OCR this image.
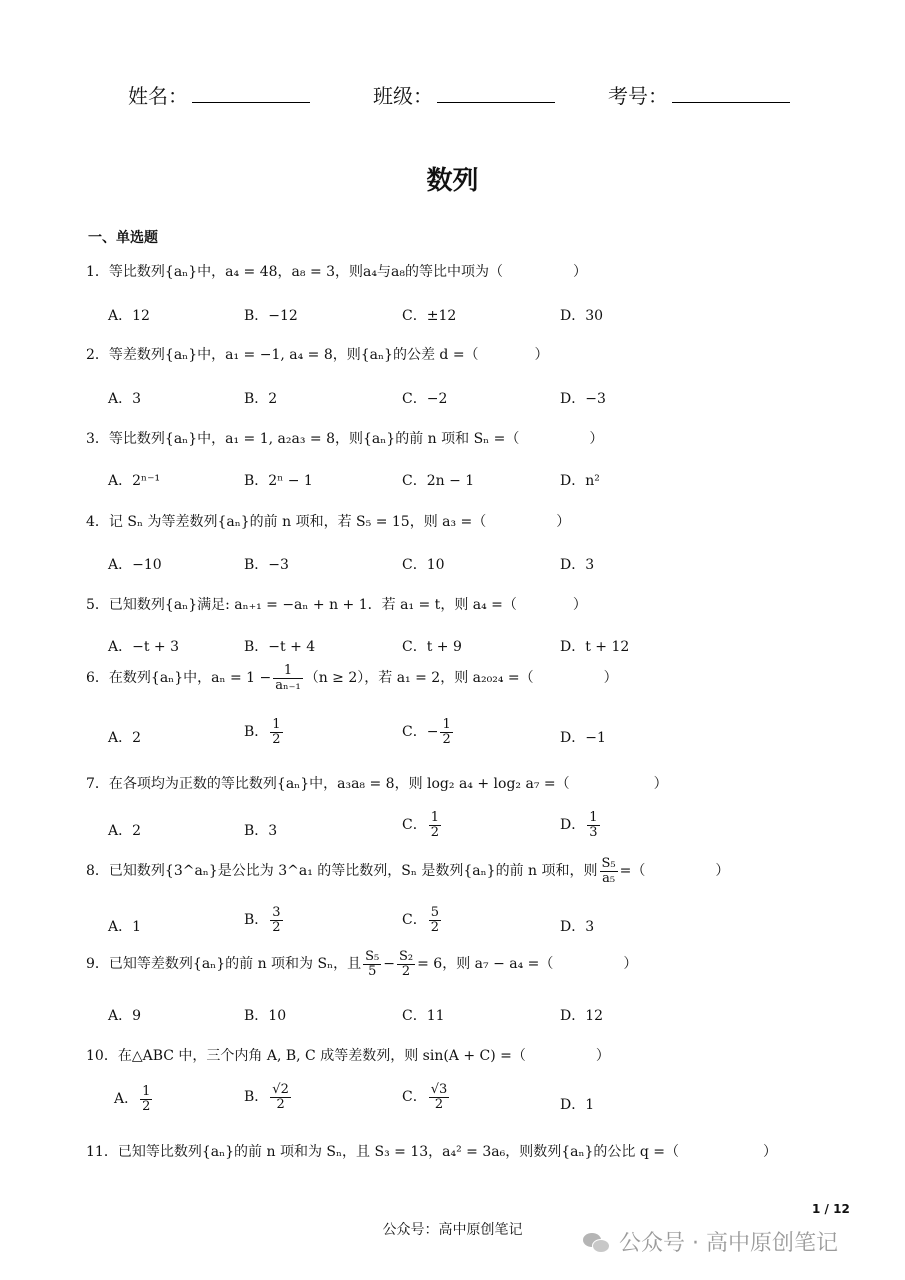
姓名：	班级：	考号：
数列
一、单选题
1．等比数列{aₙ}中，a₄ = 48，a₈ = 3，则a₄与a₈的等比中项为（　　　　　）
A．12	B．−12	C．±12	D．30
2．等差数列{aₙ}中，a₁ = −1, a₄ = 8，则{aₙ}的公差 d =（　　　　）
A．3	B．2	C．−2	D．−3
3．等比数列{aₙ}中，a₁ = 1, a₂a₃ = 8，则{aₙ}的前 n 项和 Sₙ =（　　　　　）
A．2ⁿ⁻¹	B．2ⁿ − 1	C．2n − 1	D．n²
4．记 Sₙ 为等差数列{aₙ}的前 n 项和，若 S₅ = 15，则 a₃ =（　　　　　）
A．−10	B．−3	C．10	D．3
5．已知数列{aₙ}满足: aₙ₊₁ = −aₙ + n + 1．若 a₁ = t，则 a₄ =（　　　　）
A．−t + 3	B．−t + 4	C．t + 9	D．t + 12
6．在数列{aₙ}中，$a_n = 1 - \frac{1}{\text{aₙ₋₁}} (n \ge 2)$，若 a₁ = 2，则 a₂₀₂₄ =（　　　　　）
A．2	B． $\frac{1}{2}$	C．− $\frac{1}{2}$	D．−1
7．在各项均为正数的等比数列{aₙ}中，a₃a₈ = 8，则 log₂ a₄ + log₂ a₇ =（　　　　　　）
A．2	B．3	C． $\frac{1}{2}$	D． $\frac{1}{3}$
8．已知数列{3^aₙ}是公比为 3^a₁ 的等比数列，Sₙ 是数列{aₙ}的前 n 项和，则 $\frac{\text{S₅}}{\text{a₅}}$ =（　　　　　）
A．1	B． $\frac{3}{2}$	C． $\frac{5}{2}$	D．3
9．已知等差数列{aₙ}的前 n 项和为 Sₙ，且 $\frac{\text{S₅}}{5} - \frac{\text{S₂}}{2} = 6$，则 a₇ − a₄ =（　　　　　）
A．9	B．10	C．11	D．12
10．在△ABC 中，三个内角 A, B, C 成等差数列，则 sin(A + C) =（　　　　　）
A． $\frac{1}{2}$	B． $\frac{√2}{2}$	C． $\frac{√3}{2}$	D．1
11．已知等比数列{aₙ}的前 n 项和为 Sₙ，且 S₃ = 13，a₄² = 3a₆，则数列{aₙ}的公比 q =（　　　　　　）
1 / 12
公众号：高中原创笔记
公众号 · 高中原创笔记
